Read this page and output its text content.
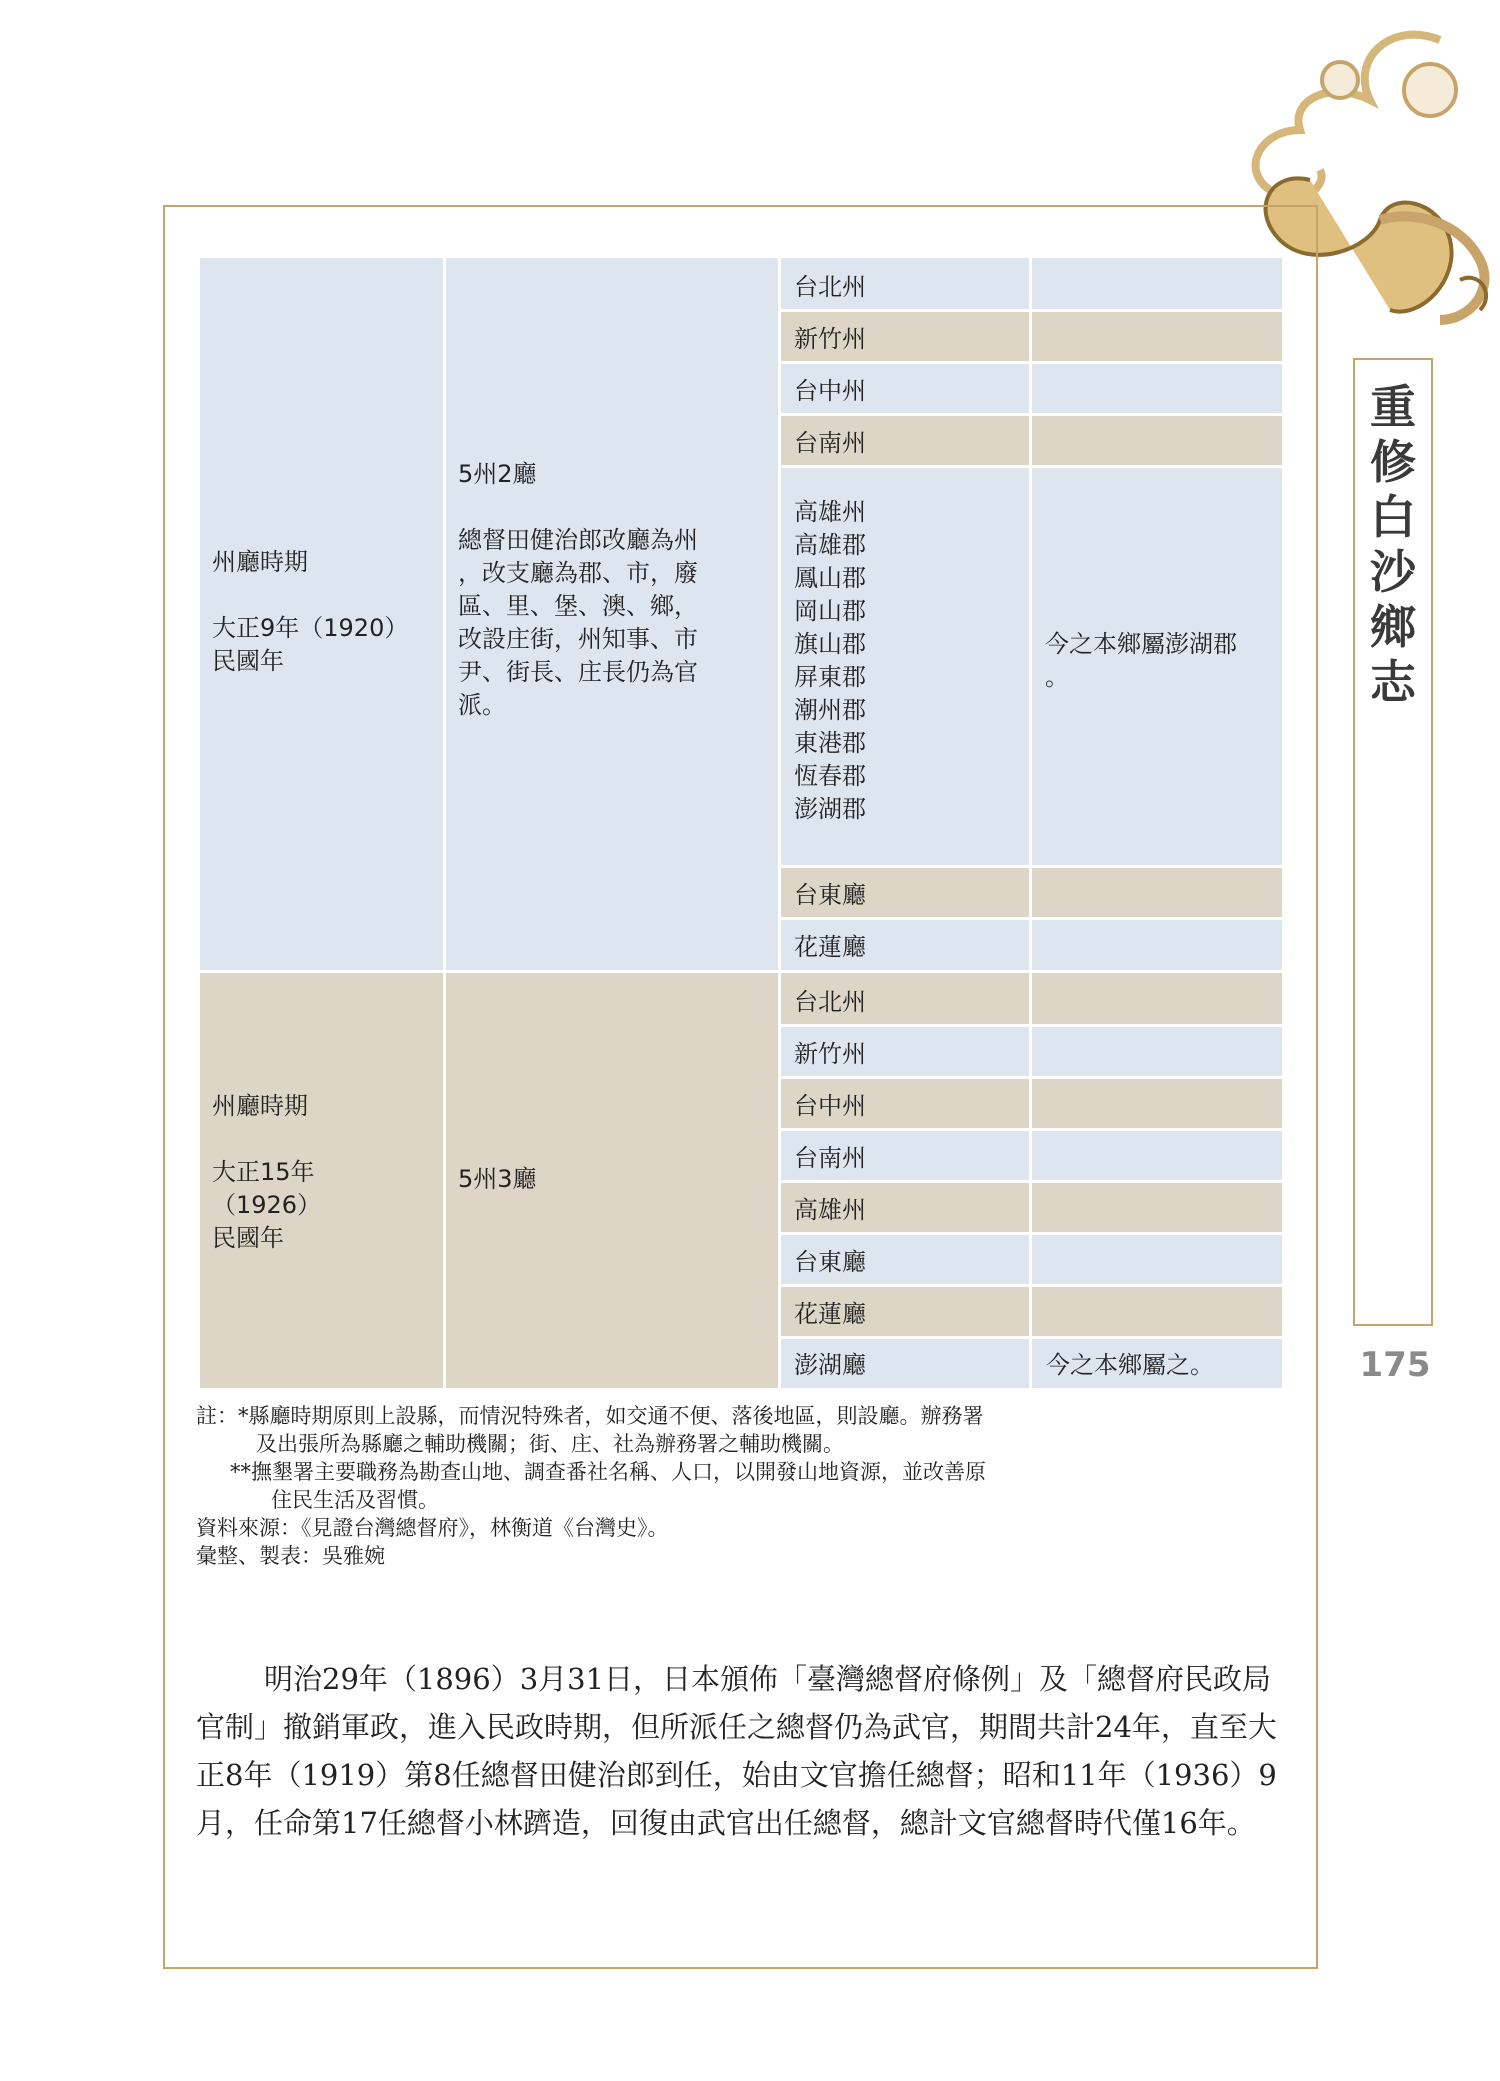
重
修
白
沙
鄉
志
175
州廳時期
大正9年（1920）
民國年
5州2廳
總督田健治郎改廳為州
，改支廳為郡、市，廢
區、里、堡、澳、鄉，
改設庄街，州知事、市
尹、街長、庄長仍為官
派。
台北州
新竹州
台中州
台南州
高雄州
高雄郡
鳳山郡
岡山郡
旗山郡
屏東郡
潮州郡
東港郡
恆春郡
澎湖郡
今之本鄉屬澎湖郡
。
台東廳
花蓮廳
州廳時期
大正15年
（1926）
民國年
5州3廳
台北州
新竹州
台中州
台南州
高雄州
台東廳
花蓮廳
澎湖廳	今之本鄉屬之。
註：*縣廳時期原則上設縣，而情況特殊者，如交通不便、落後地區，則設廳。辦務署
及出張所為縣廳之輔助機關；街、庄、社為辦務署之輔助機關。
**撫墾署主要職務為勘查山地、調查番社名稱、人口，以開發山地資源，並改善原
住民生活及習慣。
資料來源：《見證台灣總督府》，林衡道《台灣史》。
彙整、製表：吳雅婉

明治29年（1896）3月31日，日本頒佈「臺灣總督府條例」及「總督府民政局官制」撤銷軍政，進入民政時期，但所派任之總督仍為武官，期間共計24年，直至大正8年（1919）第8任總督田健治郎到任，始由文官擔任總督；昭和11年（1936）9月，任命第17任總督小林躋造，回復由武官出任總督，總計文官總督時代僅16年。
